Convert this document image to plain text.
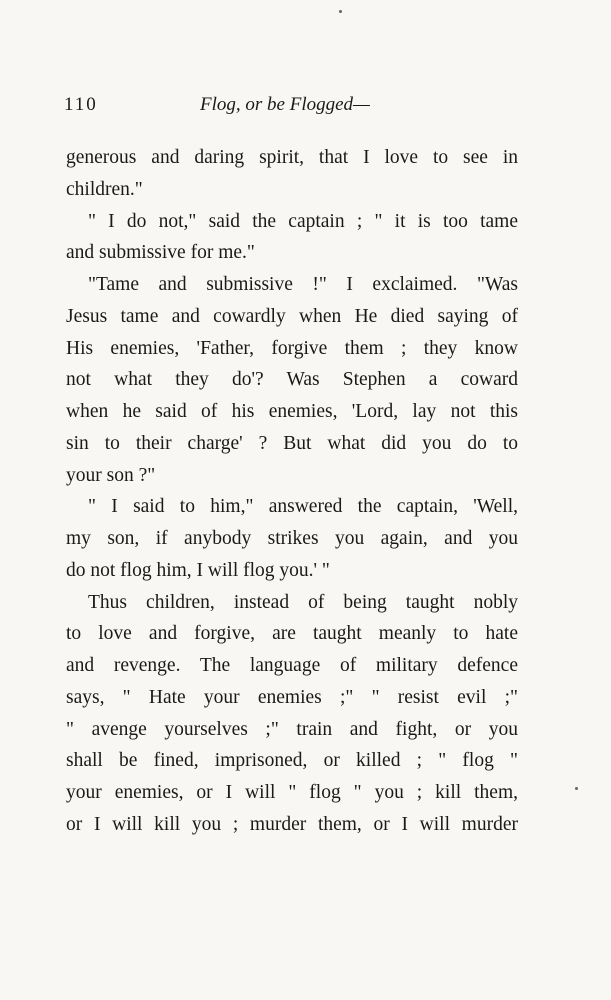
110	Flog, or be Flogged—
generous and daring spirit, that I love to see in
children."
" I do not," said the captain ; " it is too tame
and submissive for me."
"Tame and submissive !" I exclaimed. "Was
Jesus tame and cowardly when He died saying of
His enemies, 'Father, forgive them ; they know
not what they do'? Was Stephen a coward
when he said of his enemies, 'Lord, lay not this
sin to their charge' ? But what did you do to
your son ?"
" I said to him," answered the captain, 'Well,
my son, if anybody strikes you again, and you
do not flog him, I will flog you.' "
Thus children, instead of being taught nobly
to love and forgive, are taught meanly to hate
and revenge. The language of military defence
says, " Hate your enemies ;" " resist evil ;"
" avenge yourselves ;" train and fight, or you
shall be fined, imprisoned, or killed ; " flog "
your enemies, or I will " flog " you ; kill them,
or I will kill you ; murder them, or I will murder
